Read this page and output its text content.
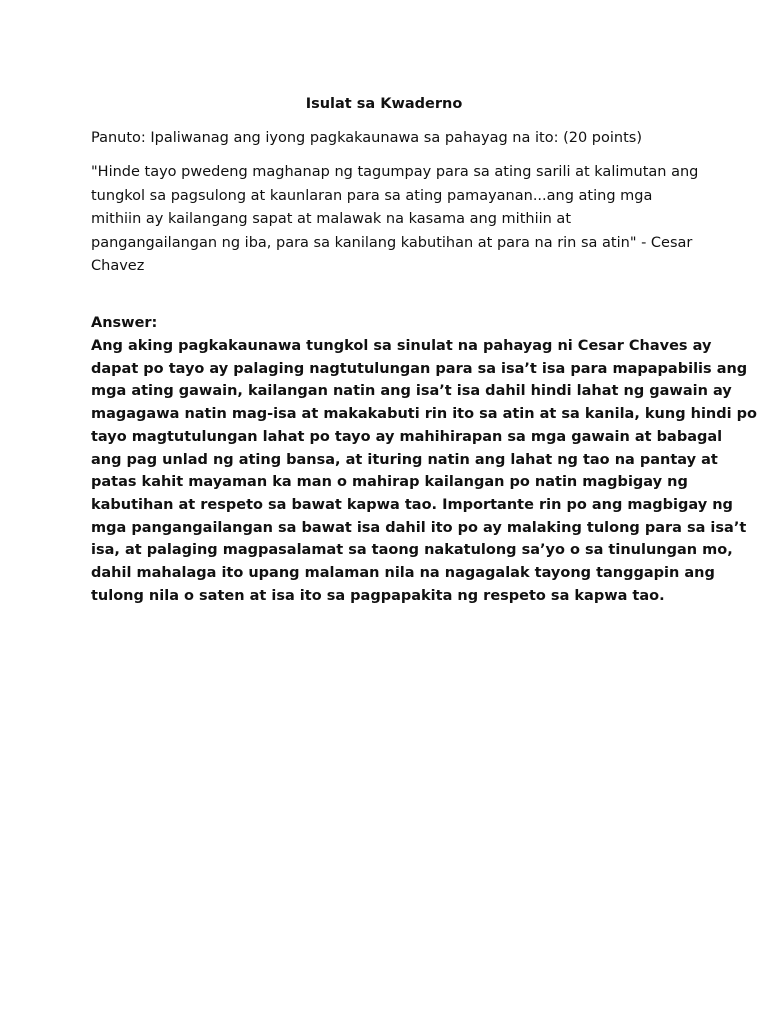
Isulat sa Kwaderno
Panuto: Ipaliwanag ang iyong pagkakaunawa sa pahayag na ito: (20 points)
"Hinde tayo pwedeng maghanap ng tagumpay para sa ating sarili at kalimutan ang
tungkol sa pagsulong at kaunlaran para sa ating pamayanan...ang ating mga
mithiin ay kailangang sapat at malawak na kasama ang mithiin at
pangangailangan ng iba, para sa kanilang kabutihan at para na rin sa atin" - Cesar
Chavez
Answer:
Ang aking pagkakaunawa tungkol sa sinulat na pahayag ni Cesar Chaves ay
dapat po tayo ay palaging nagtutulungan para sa isa’t isa para mapapabilis ang
mga ating gawain, kailangan natin ang isa’t isa dahil hindi lahat ng gawain ay
magagawa natin mag-isa at makakabuti rin ito sa atin at sa kanila, kung hindi po
tayo magtutulungan lahat po tayo ay mahihirapan sa mga gawain at babagal
ang pag unlad ng ating bansa, at ituring natin ang lahat ng tao na pantay at
patas kahit mayaman ka man o mahirap kailangan po natin magbigay ng
kabutihan at respeto sa bawat kapwa tao. Importante rin po ang magbigay ng
mga pangangailangan sa bawat isa dahil ito po ay malaking tulong para sa isa’t
isa, at palaging magpasalamat sa taong nakatulong sa’yo o sa tinulungan mo,
dahil mahalaga ito upang malaman nila na nagagalak tayong tanggapin ang
tulong nila o saten at isa ito sa pagpapakita ng respeto sa kapwa tao.
